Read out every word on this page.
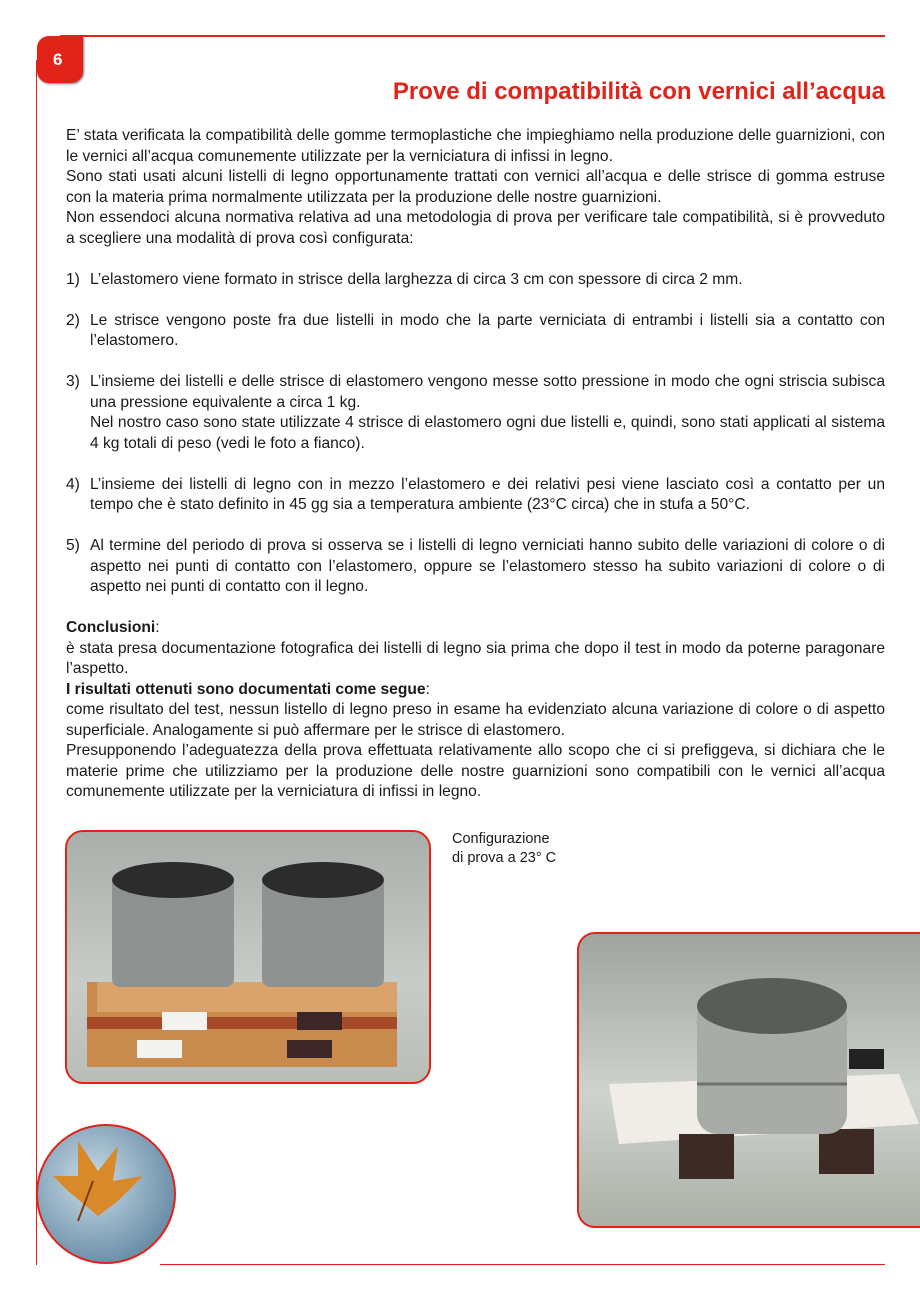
6
Prove di compatibilità con vernici all’acqua

E’ stata verificata la compatibilità delle gomme termoplastiche che impieghiamo nella produzione delle guarnizioni, con le vernici all’acqua comunemente utilizzate per la verniciatura di infissi in legno.

Sono stati usati alcuni listelli di legno opportunamente trattati con vernici all’acqua e delle strisce di gomma estruse con la materia prima normalmente utilizzata per la produzione delle nostre guarnizioni.

Non essendoci alcuna normativa relativa ad una metodologia di prova per verificare tale compatibilità, si è provveduto a scegliere una modalità di prova così configurata:

1) L’elastomero viene formato in strisce della larghezza di circa 3 cm con spessore di circa 2 mm.
2) Le strisce vengono poste fra due listelli in modo che la parte verniciata di entrambi i listelli sia a contatto con l’elastomero.
3) L’insieme dei listelli e delle strisce di elastomero vengono messe sotto pressione in modo che ogni striscia subisca una pressione equivalente a circa 1 kg.
Nel nostro caso sono state utilizzate 4 strisce di elastomero ogni due listelli e, quindi, sono stati applicati al sistema 4 kg totali di peso (vedi le foto a fianco).
4) L’insieme dei listelli di legno con in mezzo l’elastomero e dei relativi pesi viene lasciato così a contatto per un tempo che è stato definito in 45 gg sia a temperatura ambiente (23°C circa) che in stufa a 50°C.
5) Al termine del periodo di prova si osserva se i listelli di legno verniciati hanno subito delle variazioni di colore o di aspetto nei punti di contatto con l’elastomero, oppure se l’elastomero stesso ha subito variazioni di colore o di aspetto nei punti di contatto con il legno.

Conclusioni:

è stata presa documentazione fotografica dei listelli di legno sia prima che dopo il test in modo da poterne paragonare l’aspetto.

I risultati ottenuti sono documentati come segue:

come risultato del test, nessun listello di legno preso in esame ha evidenziato alcuna variazione di colore o di aspetto superficiale. Analogamente si può affermare per le strisce di elastomero.

Presupponendo l’adeguatezza della prova effettuata relativamente allo scopo che ci si prefiggeva, si dichiara che le materie prime che utilizziamo per la produzione delle nostre guarnizioni sono compatibili con le vernici all’acqua comunemente utilizzate per la verniciatura di infissi in legno.

Configurazione
di prova a 23° C
